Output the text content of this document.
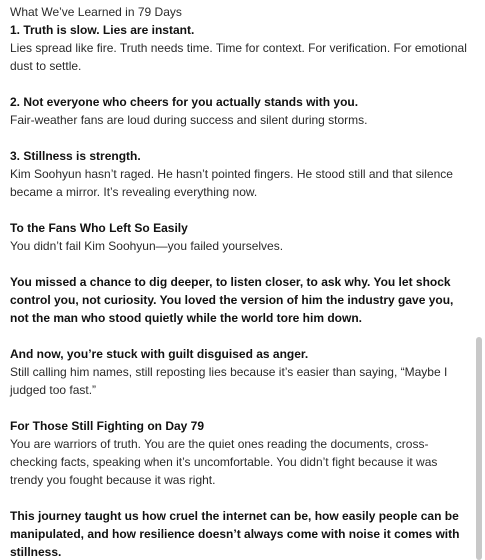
What We’ve Learned in 79 Days

1. Truth is slow. Lies are instant.

Lies spread like fire. Truth needs time. Time for context. For verification. For emotional dust to settle.

2. Not everyone who cheers for you actually stands with you.

Fair-weather fans are loud during success and silent during storms.

3. Stillness is strength.

Kim Soohyun hasn’t raged. He hasn’t pointed fingers. He stood still and that silence became a mirror. It’s revealing everything now.

To the Fans Who Left So Easily

You didn’t fail Kim Soohyun—you failed yourselves.

You missed a chance to dig deeper, to listen closer, to ask why. You let shock control you, not curiosity. You loved the version of him the industry gave you, not the man who stood quietly while the world tore him down.

And now, you’re stuck with guilt disguised as anger.

Still calling him names, still reposting lies because it’s easier than saying, “Maybe I judged too fast.”

For Those Still Fighting on Day 79

You are warriors of truth. You are the quiet ones reading the documents, cross-checking facts, speaking when it’s uncomfortable. You didn’t fight because it was trendy you fought because it was right.

This journey taught us how cruel the internet can be, how easily people can be manipulated, and how resilience doesn’t always come with noise it comes with stillness.
